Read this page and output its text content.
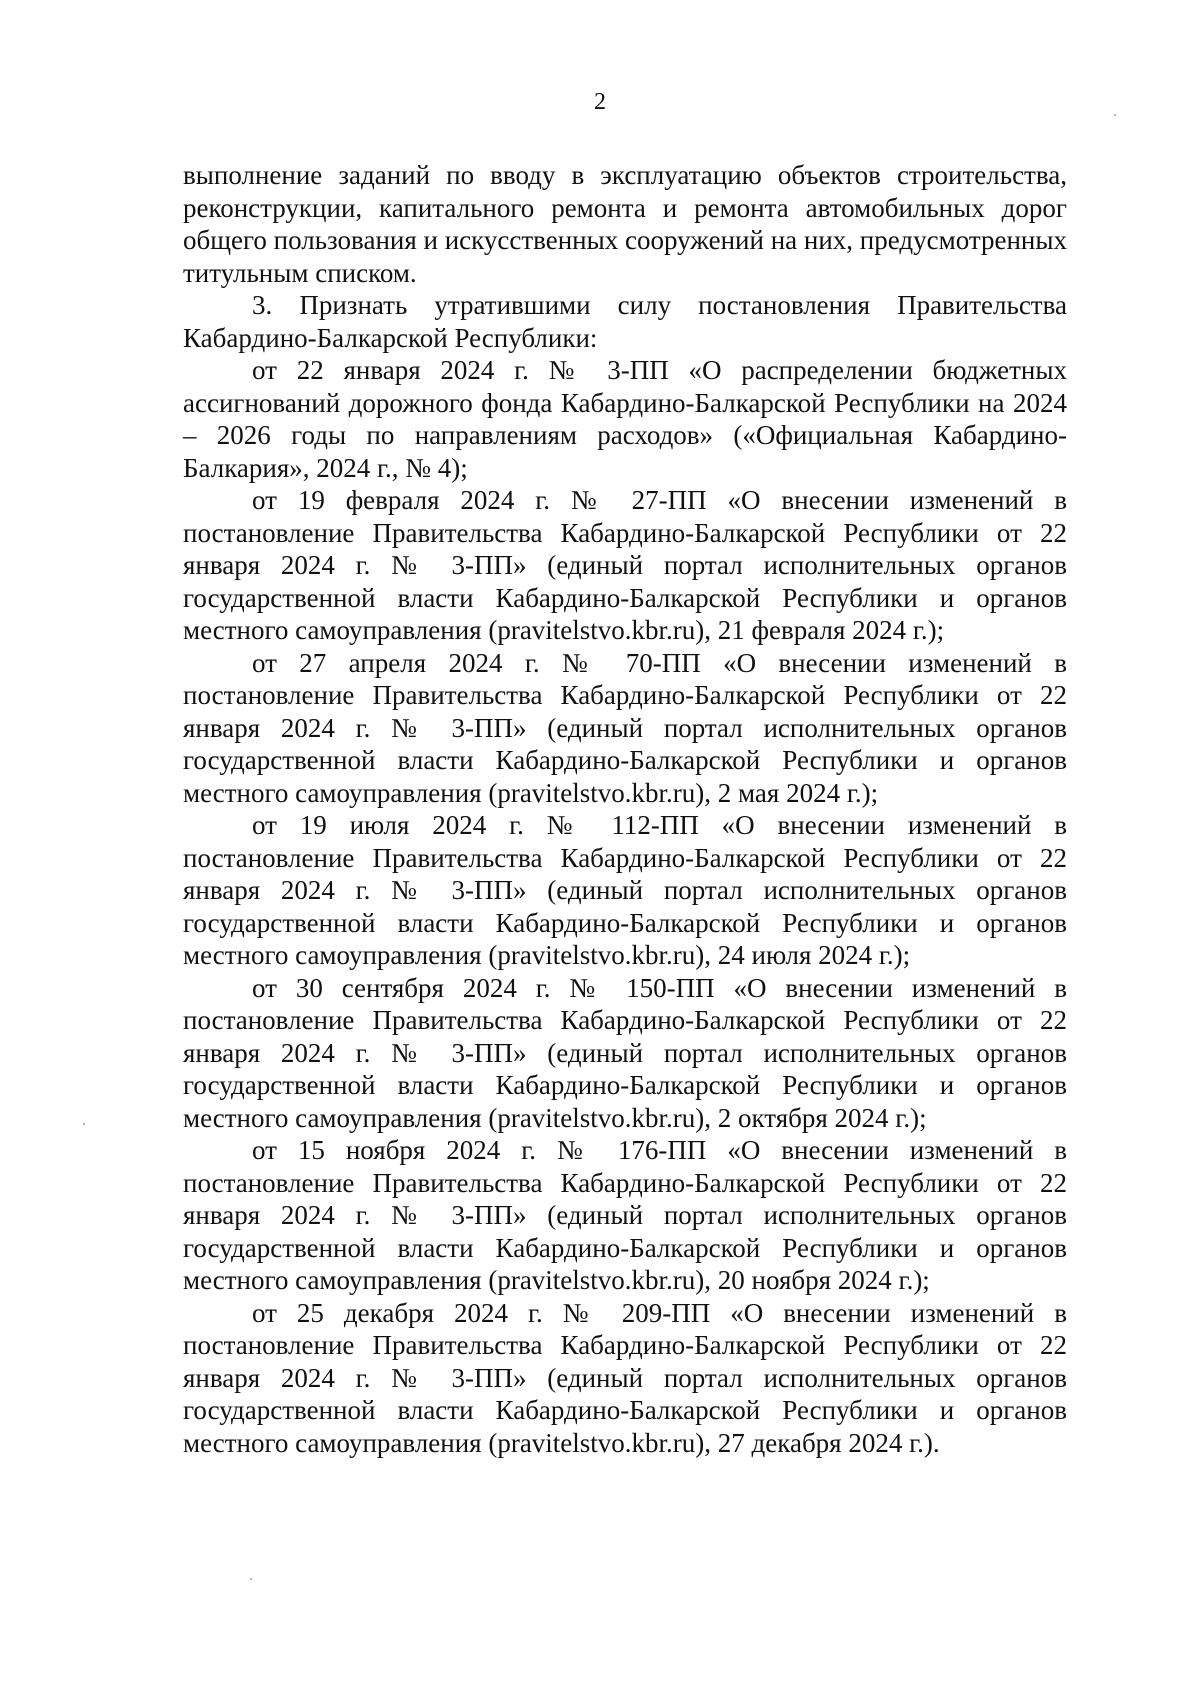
2

выполнение заданий по вводу в эксплуатацию объектов строительства, реконструкции, капитального ремонта и ремонта автомобильных дорог общего пользования и искусственных сооружений на них, предусмотренных титульным списком.

3. Признать утратившими силу постановления Правительства Кабардино-Балкарской Республики:

от 22 января 2024 г. № 3-ПП «О распределении бюджетных ассигнований дорожного фонда Кабардино-Балкарской Республики на 2024 – 2026 годы по направлениям расходов» («Официальная Кабардино-Балкария», 2024 г., № 4);

от 19 февраля 2024 г. № 27-ПП «О внесении изменений в постановление Правительства Кабардино-Балкарской Республики от 22 января 2024 г. № 3-ПП» (единый портал исполнительных органов государственной власти Кабардино-Балкарской Республики и органов местного самоуправления (pravitelstvo.kbr.ru), 21 февраля 2024 г.);

от 27 апреля 2024 г. № 70-ПП «О внесении изменений в постановление Правительства Кабардино-Балкарской Республики от 22 января 2024 г. № 3-ПП» (единый портал исполнительных органов государственной власти Кабардино-Балкарской Республики и органов местного самоуправления (pravitelstvo.kbr.ru), 2 мая 2024 г.);

от 19 июля 2024 г. № 112-ПП «О внесении изменений в постановление Правительства Кабардино-Балкарской Республики от 22 января 2024 г. № 3-ПП» (единый портал исполнительных органов государственной власти Кабардино-Балкарской Республики и органов местного самоуправления (pravitelstvo.kbr.ru), 24 июля 2024 г.);

от 30 сентября 2024 г. № 150-ПП «О внесении изменений в постановление Правительства Кабардино-Балкарской Республики от 22 января 2024 г. № 3-ПП» (единый портал исполнительных органов государственной власти Кабардино-Балкарской Республики и органов местного самоуправления (pravitelstvo.kbr.ru), 2 октября 2024 г.);

от 15 ноября 2024 г. № 176-ПП «О внесении изменений в постановление Правительства Кабардино-Балкарской Республики от 22 января 2024 г. № 3-ПП» (единый портал исполнительных органов государственной власти Кабардино-Балкарской Республики и органов местного самоуправления (pravitelstvo.kbr.ru), 20 ноября 2024 г.);

от 25 декабря 2024 г. № 209-ПП «О внесении изменений в постановление Правительства Кабардино-Балкарской Республики от 22 января 2024 г. № 3-ПП» (единый портал исполнительных органов государственной власти Кабардино-Балкарской Республики и органов местного самоуправления (pravitelstvo.kbr.ru), 27 декабря 2024 г.).
